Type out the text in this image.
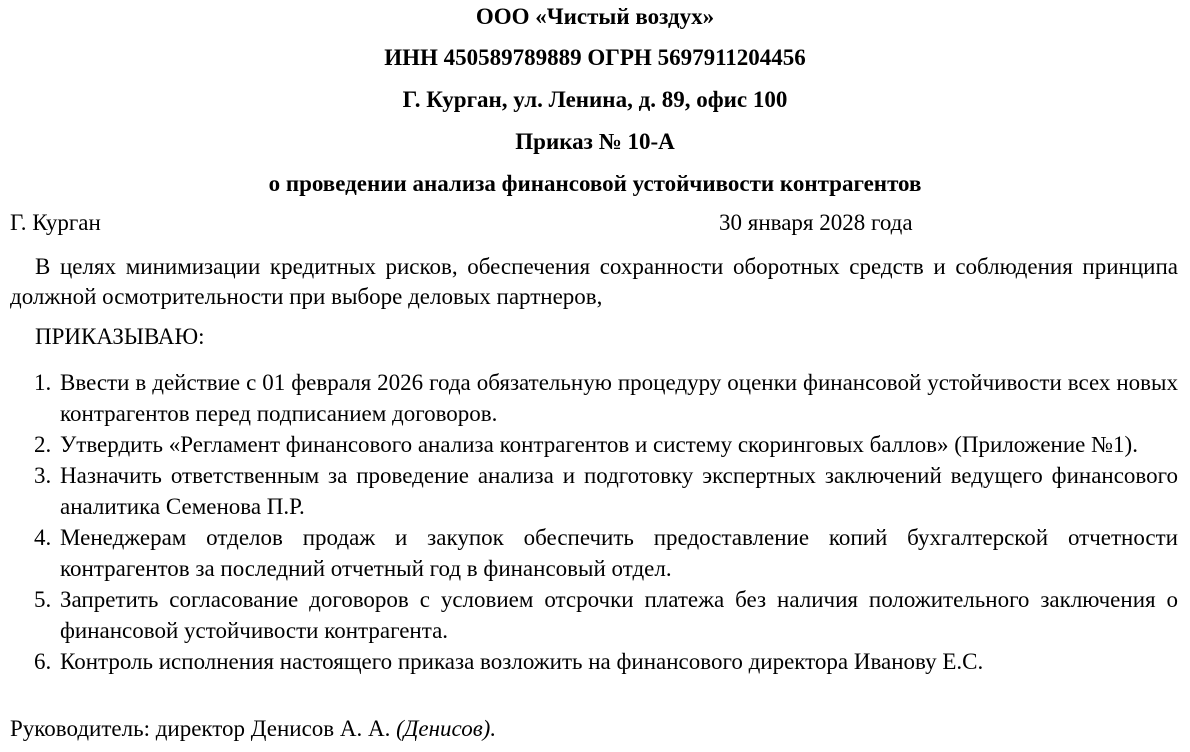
ООО «Чистый воздух»
ИНН 450589789889 ОГРН 5697911204456
Г. Курган, ул. Ленина, д. 89, офис 100
Приказ № 10-А
о проведении анализа финансовой устойчивости контрагентов
Г. Курган	30 января 2028 года
В целях минимизации кредитных рисков, обеспечения сохранности оборотных средств и соблюдения принципа должной осмотрительности при выборе деловых партнеров,
ПРИКАЗЫВАЮ:
1. Ввести в действие с 01 февраля 2026 года обязательную процедуру оценки финансовой устойчивости всех новых контрагентов перед подписанием договоров.
2. Утвердить «Регламент финансового анализа контрагентов и систему скоринговых баллов» (Приложение №1).
3. Назначить ответственным за проведение анализа и подготовку экспертных заключений ведущего финансового аналитика Семенова П.Р.
4. Менеджерам отделов продаж и закупок обеспечить предоставление копий бухгалтерской отчетности контрагентов за последний отчетный год в финансовый отдел.
5. Запретить согласование договоров с условием отсрочки платежа без наличия положительного заключения о финансовой устойчивости контрагента.
6. Контроль исполнения настоящего приказа возложить на финансового директора Иванову Е.С.
Руководитель: директор Денисов А. А. (Денисов).
